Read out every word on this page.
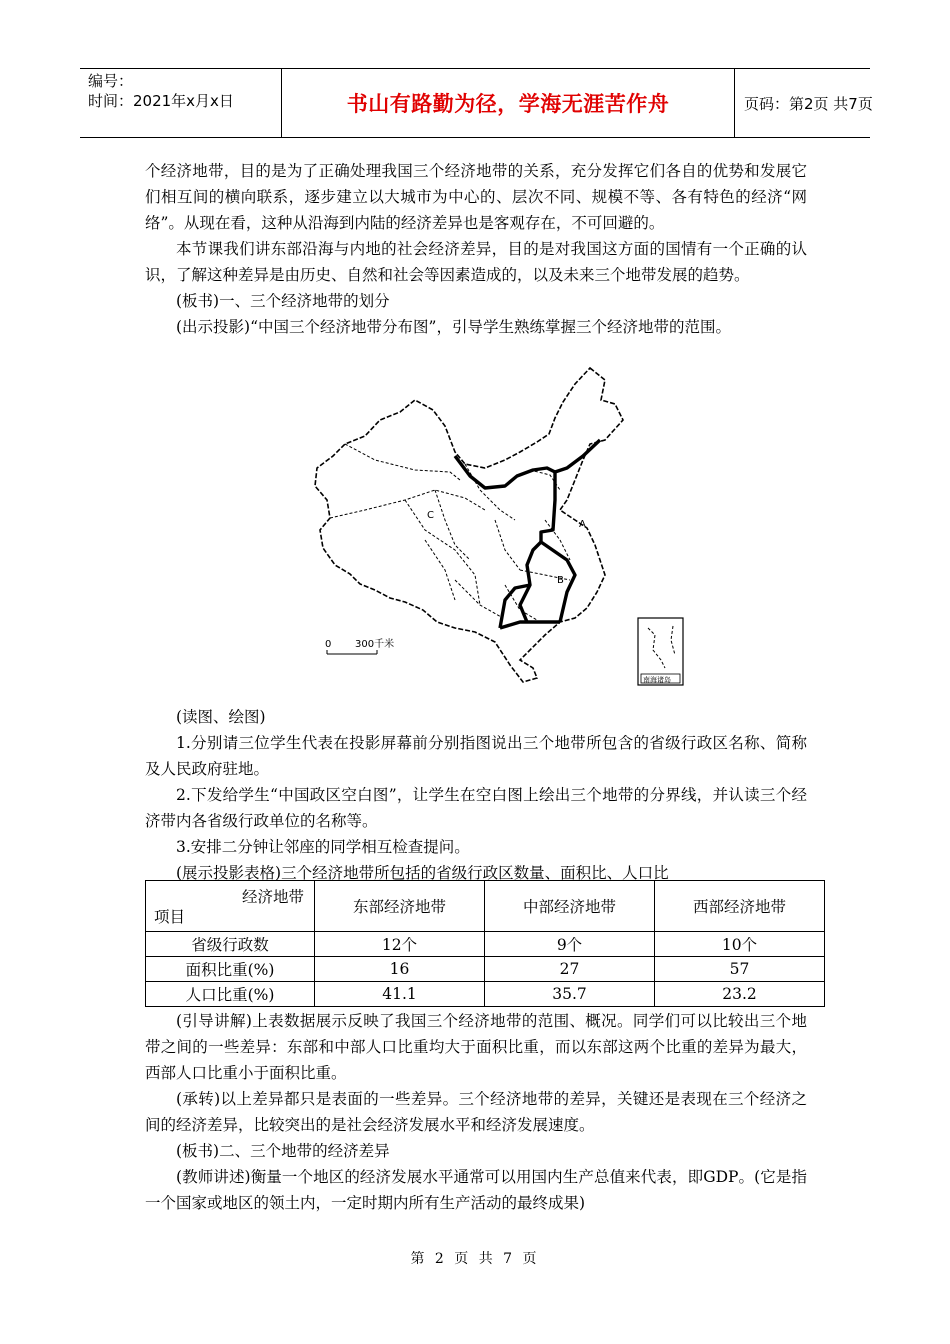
编号：
时间：2021年x月x日	书山有路勤为径，学海无涯苦作舟	页码：第2页 共7页

个经济地带，目的是为了正确处理我国三个经济地带的关系，充分发挥它们各自的优势和发展它们相互间的横向联系，逐步建立以大城市为中心的、层次不同、规模不等、各有特色的经济“网络”。从现在看，这种从沿海到内陆的经济差异也是客观存在，不可回避的。

本节课我们讲东部沿海与内地的社会经济差异，目的是对我国这方面的国情有一个正确的认识，了解这种差异是由历史、自然和社会等因素造成的，以及未来三个地带发展的趋势。

(板书)一、三个经济地带的划分

(出示投影)“中国三个经济地带分布图”，引导学生熟练掌握三个经济地带的范围。

A
B
C
0 300千米
南海诸岛

(读图、绘图)

1.分别请三位学生代表在投影屏幕前分别指图说出三个地带所包含的省级行政区名称、简称及人民政府驻地。

2.下发给学生“中国政区空白图”，让学生在空白图上绘出三个地带的分界线，并认读三个经济带内各省级行政单位的名称等。

3.安排二分钟让邻座的同学相互检查提问。

(展示投影表格)三个经济地带所包括的省级行政区数量、面积比、人口比

经济地带
项目	东部经济地带	中部经济地带	西部经济地带
省级行政数	12个	9个	10个
面积比重(%)	16	27	57
人口比重(%)	41.1	35.7	23.2

(引导讲解)上表数据展示反映了我国三个经济地带的范围、概况。同学们可以比较出三个地带之间的一些差异：东部和中部人口比重均大于面积比重，而以东部这两个比重的差异为最大，西部人口比重小于面积比重。

(承转)以上差异都只是表面的一些差异。三个经济地带的差异，关键还是表现在三个经济之间的经济差异，比较突出的是社会经济发展水平和经济发展速度。

(板书)二、三个地带的经济差异

(教师讲述)衡量一个地区的经济发展水平通常可以用国内生产总值来代表，即GDP。(它是指一个国家或地区的领土内，一定时期内所有生产活动的最终成果)

第 2 页 共 7 页
